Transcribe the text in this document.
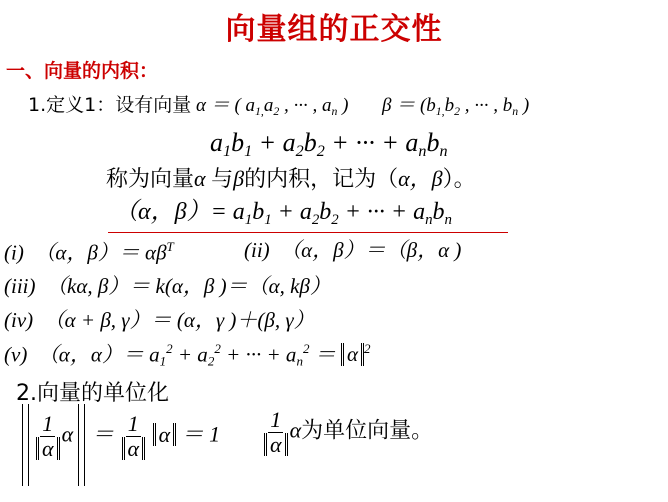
向量组的正交性
一、向量的内积：
1.定义1：设有向量 α ＝ ( $a_{1,}a_2$ , ··· , $a_n$ ) $\beta = (b_{1,}b_2$ , ··· , $b_n$ )
$a_1b_1 + a_2b_2$ + ··· + $a_nb_n$
称为向量α 与β的内积，记为（α，β）。
（α，$\beta)= a_1b_1 + a_2b_2$ + ··· + $a_nb_n$
(i) （α，$\beta)= \alpha\beta^T$	(ii) （α，β）＝（β，α )
(iii) （kα, β）＝ k(α，β )＝（α, kβ）
(iv) （α + β, γ）＝ (α，γ )＋(β, γ）
(v) （α，$\alpha)= a_1^2 + a_2^2$ + ··· + $a_n^2 = \alpha$ $^2$
2.向量的单位化
$\frac{1}{\alpha}$ $\alpha = \frac{1}{\alpha}$ $\alpha = 1 \frac{1}{\alpha}$ α为单位向量。
